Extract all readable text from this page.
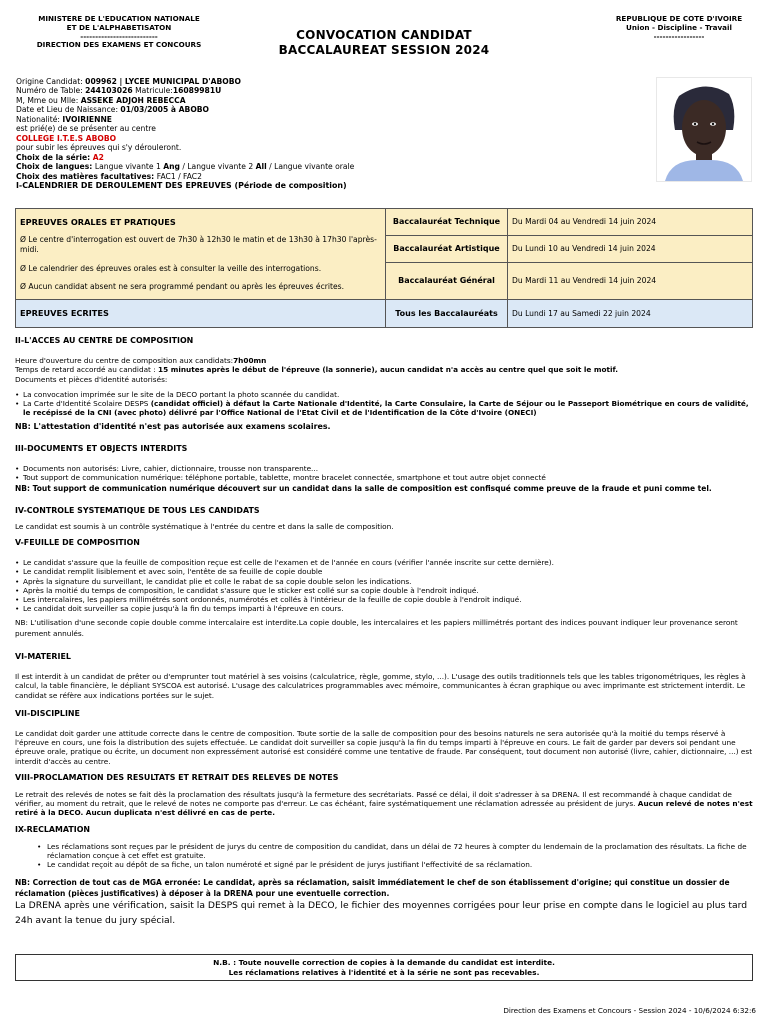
MINISTERE DE L'EDUCATION NATIONALE
ET DE L'ALPHABETISATON
--------------------------
DIRECTION DES EXAMENS ET CONCOURS
CONVOCATION CANDIDAT
BACCALAUREAT SESSION 2024
REPUBLIQUE DE COTE D'IVOIRE
Union - Discipline - Travail
-----------------
Origine Candidat: 009962 | LYCEE MUNICIPAL D'ABOBO
Numéro de Table: 244103026 Matricule:16089981U
M, Mme ou Mlle: ASSEKE ADJOH REBECCA
Date et Lieu de Naissance: 01/03/2005 à ABOBO
Nationalité: IVOIRIENNE
est prié(e) de se présenter au centre
COLLEGE I.T.E.S ABOBO
pour subir les épreuves qui s'y dérouleront.
Choix de la série: A2
Choix de langues: Langue vivante 1 Ang / Langue vivante 2 All / Langue vivante orale
Choix des matières facultatives: FAC1 / FAC2
I-CALENDRIER DE DEROULEMENT DES EPREUVES (Période de composition)
EPREUVES ORALES ET PRATIQUES
Ø Le centre d'interrogation est ouvert de 7h30 à 12h30 le matin et de 13h30 à 17h30 l'après-midi.
Ø Le calendrier des épreuves orales est à consulter la veille des interrogations.
Ø Aucun candidat absent ne sera programmé pendant ou après les épreuves écrites.	Baccalauréat Technique	Du Mardi 04 au Vendredi 14 juin 2024
	Baccalauréat Artistique	Du Lundi 10 au Vendredi 14 juin 2024
	Baccalauréat Général	Du Mardi 11 au Vendredi 14 juin 2024
EPREUVES ECRITES	Tous les Baccalauréats	Du Lundi 17 au Samedi 22 juin 2024
II-L'ACCES AU CENTRE DE COMPOSITION
Heure d'ouverture du centre de composition aux candidats:7h00mn
Temps de retard accordé au candidat : 15 minutes après le début de l'épreuve (la sonnerie), aucun candidat n'a accès au centre quel que soit le motif.
Documents et pièces d'identité autorisés:
• La convocation imprimée sur le site de la DECO portant la photo scannée du candidat.
• La Carte d'Identité Scolaire DESPS (candidat officiel) à défaut la Carte Nationale d'Identité, la Carte Consulaire, la Carte de Séjour ou le Passeport Biométrique en cours de validité, le recépissé de la CNI (avec photo) délivré par l'Office National de l'Etat Civil et de l'Identification de la Côte d'Ivoire (ONECI)
NB: L'attestation d'identité n'est pas autorisée aux examens scolaires.
III-DOCUMENTS ET OBJECTS INTERDITS
• Documents non autorisés: Livre, cahier, dictionnaire, trousse non transparente...
• Tout support de communication numérique: téléphone portable, tablette, montre bracelet connectée, smartphone et tout autre objet connecté
NB: Tout support de communication numérique découvert sur un candidat dans la salle de composition est confisqué comme preuve de la fraude et puni comme tel.
IV-CONTROLE SYSTEMATIQUE DE TOUS LES CANDIDATS
Le candidat est soumis à un contrôle systématique à l'entrée du centre et dans la salle de composition.
V-FEUILLE DE COMPOSITION
• Le candidat s'assure que la feuille de composition reçue est celle de l'examen et de l'année en cours (vérifier l'année inscrite sur cette dernière).
• Le candidat remplit lisiblement et avec soin, l'entête de sa feuille de copie double
• Après la signature du surveillant, le candidat plie et colle le rabat de sa copie double selon les indications.
• Après la moitié du temps de composition, le candidat s'assure que le sticker est collé sur sa copie double à l'endroit indiqué.
• Les intercalaires, les papiers millimétrés sont ordonnés, numérotés et collés à l'intérieur de la feuille de copie double à l'endroit indiqué.
• Le candidat doit surveiller sa copie jusqu'à la fin du temps imparti à l'épreuve en cours.
NB: L'utilisation d'une seconde copie double comme intercalaire est interdite.La copie double, les intercalaires et les papiers millimétrés portant des indices pouvant indiquer leur provenance seront purement annulés.
VI-MATERIEL
Il est interdit à un candidat de prêter ou d'emprunter tout matériel à ses voisins (calculatrice, règle, gomme, stylo, ...). L'usage des outils traditionnels tels que les tables trigonométriques, les règles à calcul, la table financière, le dépliant SYSCOA est autorisé. L'usage des calculatrices programmables avec mémoire, communicantes à écran graphique ou avec imprimante est strictement interdit. Le candidat se réfère aux indications portées sur le sujet.
VII-DISCIPLINE
Le candidat doit garder une attitude correcte dans le centre de composition. Toute sortie de la salle de composition pour des besoins naturels ne sera autorisée qu'à la moitié du temps réservé à l'épreuve en cours, une fois la distribution des sujets effectuée. Le candidat doit surveiller sa copie jusqu'à la fin du temps imparti à l'épreuve en cours. Le fait de garder par devers soi pendant une épreuve orale, pratique ou écrite, un document non expressément autorisé est considéré comme une tentative de fraude. Par conséquent, tout document non autorisé (livre, cahier, dictionnaire, ...) est interdit d'accès au centre.
VIII-PROCLAMATION DES RESULTATS ET RETRAIT DES RELEVES DE NOTES
Le retrait des relevés de notes se fait dès la proclamation des résultats jusqu'à la fermeture des secrétariats. Passé ce délai, il doit s'adresser à sa DRENA. Il est recommandé à chaque candidat de vérifier, au moment du retrait, que le relevé de notes ne comporte pas d'erreur. Le cas échéant, faire systématiquement une réclamation adressée au président de jurys. Aucun relevé de notes n'est retiré à la DECO. Aucun duplicata n'est délivré en cas de perte.
IX-RECLAMATION
• Les réclamations sont reçues par le président de jurys du centre de composition du candidat, dans un délai de 72 heures à compter du lendemain de la proclamation des résultats. La fiche de réclamation conçue à cet effet est gratuite.
• Le candidat reçoit au dépôt de sa fiche, un talon numéroté et signé par le président de jurys justifiant l'effectivité de sa réclamation.
NB: Correction de tout cas de MGA erronée: Le candidat, après sa réclamation, saisit immédiatement le chef de son établissement d'origine; qui constitue un dossier de réclamation (pièces justificatives) à déposer à la DRENA pour une eventuelle correction.
La DRENA après une vérification, saisit la DESPS qui remet à la DECO, le fichier des moyennes corrigées pour leur prise en compte dans le logiciel au plus tard 24h avant la tenue du jury spécial.
N.B. : Toute nouvelle correction de copies à la demande du candidat est interdite.
Les réclamations relatives à l'identité et à la série ne sont pas recevables.
Direction des Examens et Concours - Session 2024 - 10/6/2024 6:32:6
